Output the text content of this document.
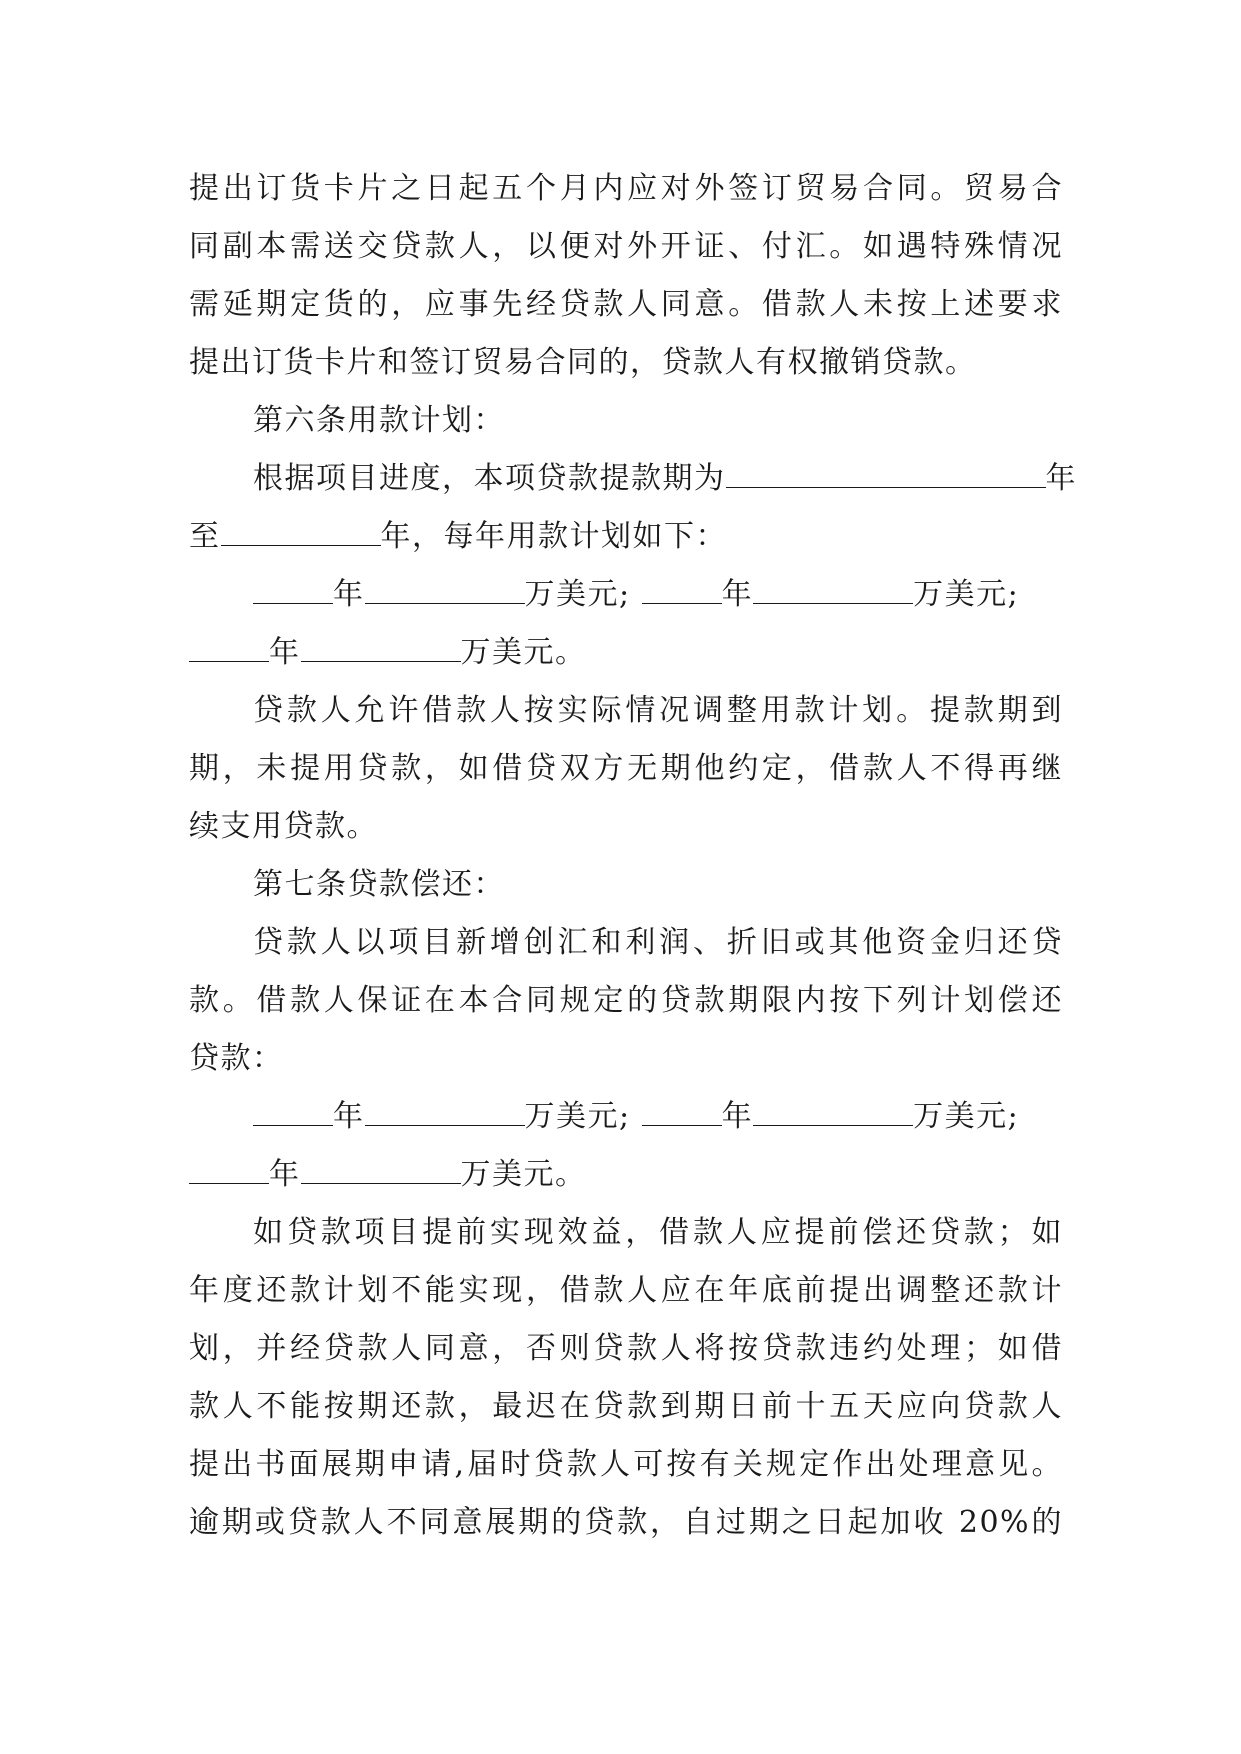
提出订货卡片之日起五个月内应对外签订贸易合同。贸易合
同副本需送交贷款人，以便对外开证、付汇。如遇特殊情况
需延期定货的，应事先经贷款人同意。借款人未按上述要求
提出订货卡片和签订贸易合同的，贷款人有权撤销贷款。
第六条用款计划：
根据项目进度，本项贷款提款期为	年
至	年，每年用款计划如下：
年	万美元;	年	万美元;
年	万美元。
贷款人允许借款人按实际情况调整用款计划。提款期到
期，未提用贷款，如借贷双方无期他约定，借款人不得再继
续支用贷款。
第七条贷款偿还：
贷款人以项目新增创汇和利润、折旧或其他资金归还贷
款。借款人保证在本合同规定的贷款期限内按下列计划偿还
贷款：
年	万美元;	年	万美元;
年	万美元。
如贷款项目提前实现效益，借款人应提前偿还贷款；如
年度还款计划不能实现，借款人应在年底前提出调整还款计
划，并经贷款人同意，否则贷款人将按贷款违约处理；如借
款人不能按期还款，最迟在贷款到期日前十五天应向贷款人
提出书面展期申请,届时贷款人可按有关规定作出处理意见。
逾期或贷款人不同意展期的贷款，自过期之日起加收 20%的
